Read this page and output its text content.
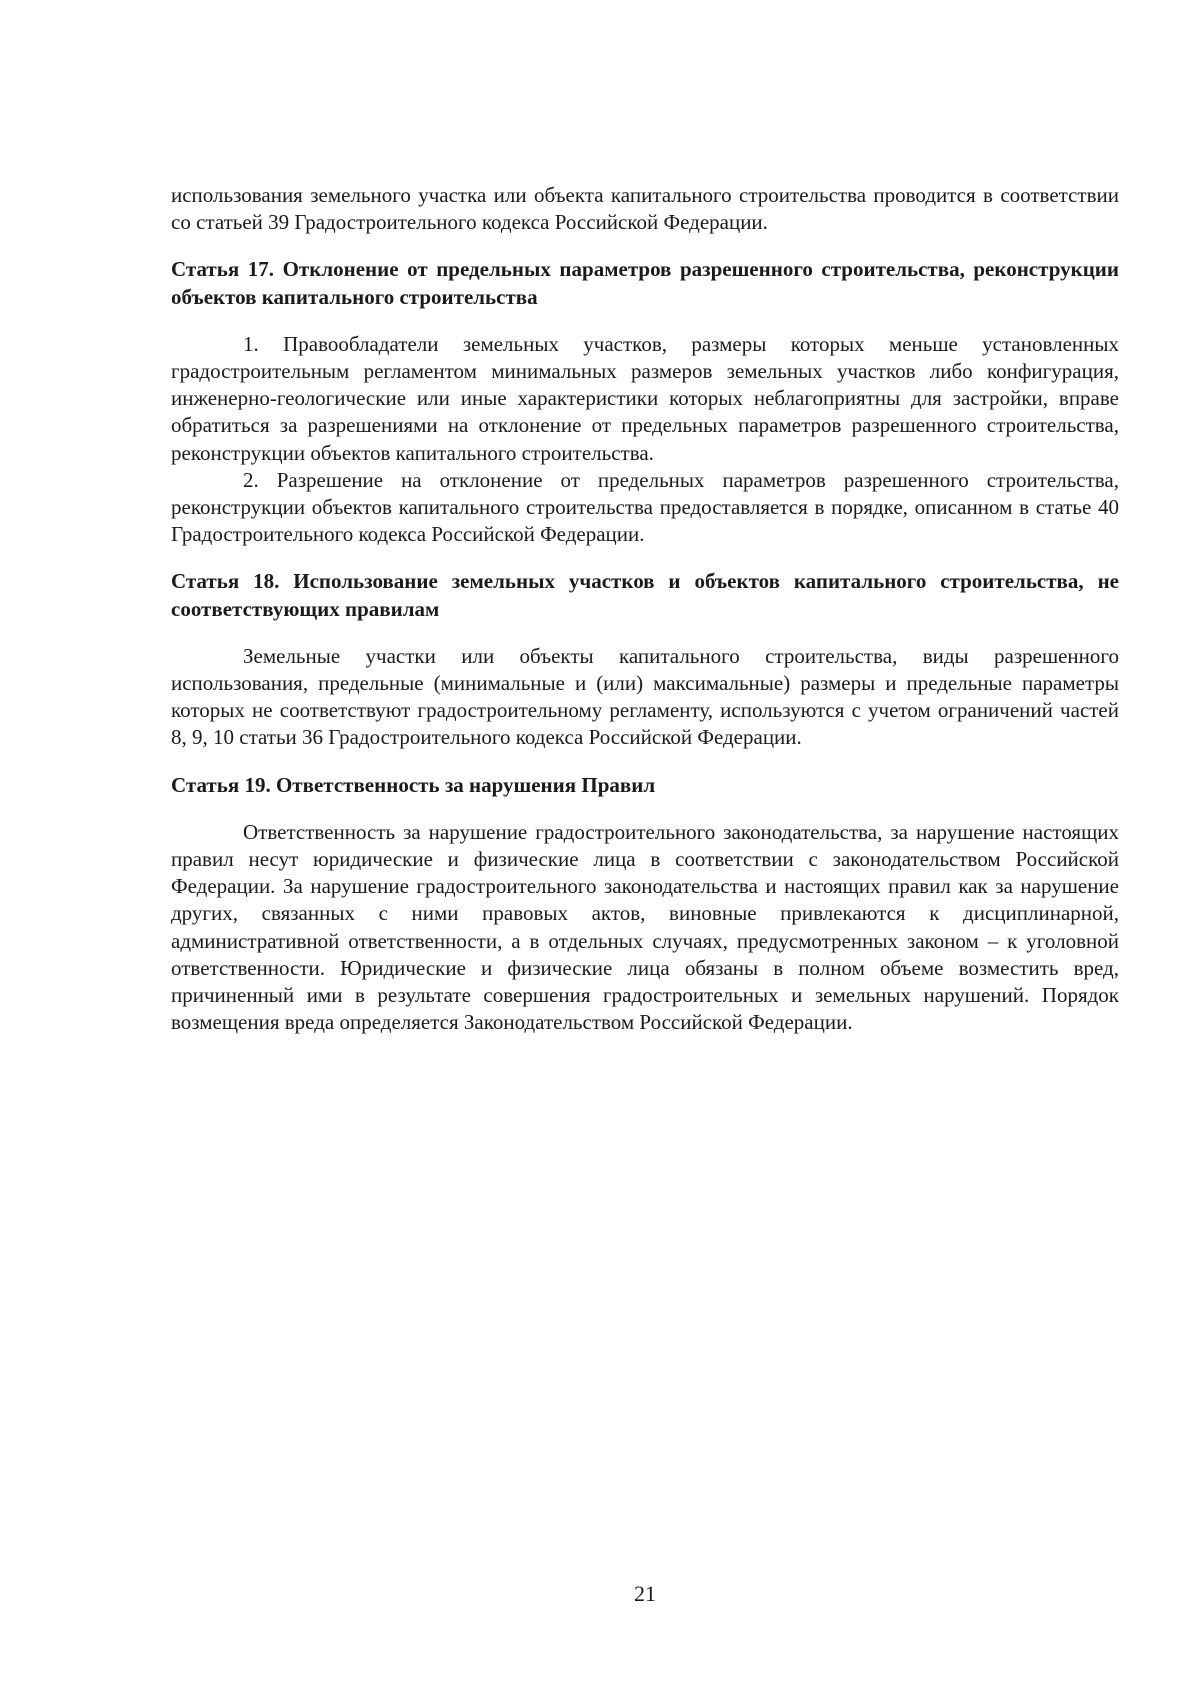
использования земельного участка или объекта капитального строительства проводится в соответствии со статьей 39 Градостроительного кодекса Российской Федерации.

Статья 17. Отклонение от предельных параметров разрешенного строительства, реконструкции объектов капитального строительства

1. Правообладатели земельных участков, размеры которых меньше установленных градостроительным регламентом минимальных размеров земельных участков либо конфигурация, инженерно-геологические или иные характеристики которых неблагоприятны для застройки, вправе обратиться за разрешениями на отклонение от предельных параметров разрешенного строительства, реконструкции объектов капитального строительства.

2. Разрешение на отклонение от предельных параметров разрешенного строительства, реконструкции объектов капитального строительства предоставляется в порядке, описанном в статье 40 Градостроительного кодекса Российской Федерации.

Статья 18. Использование земельных участков и объектов капитального строительства, не соответствующих правилам

Земельные участки или объекты капитального строительства, виды разрешенного использования, предельные (минимальные и (или) максимальные) размеры и предельные параметры которых не соответствуют градостроительному регламенту, используются с учетом ограничений частей 8, 9, 10 статьи 36 Градостроительного кодекса Российской Федерации.

Статья 19. Ответственность за нарушения Правил

Ответственность за нарушение градостроительного законодательства, за нарушение настоящих правил несут юридические и физические лица в соответствии с законодательством Российской Федерации. За нарушение градостроительного законодательства и настоящих правил как за нарушение других, связанных с ними правовых актов, виновные привлекаются к дисциплинарной, административной ответственности, а в отдельных случаях, предусмотренных законом – к уголовной ответственности. Юридические и физические лица обязаны в полном объеме возместить вред, причиненный ими в результате совершения градостроительных и земельных нарушений. Порядок возмещения вреда определяется Законодательством Российской Федерации.

21
